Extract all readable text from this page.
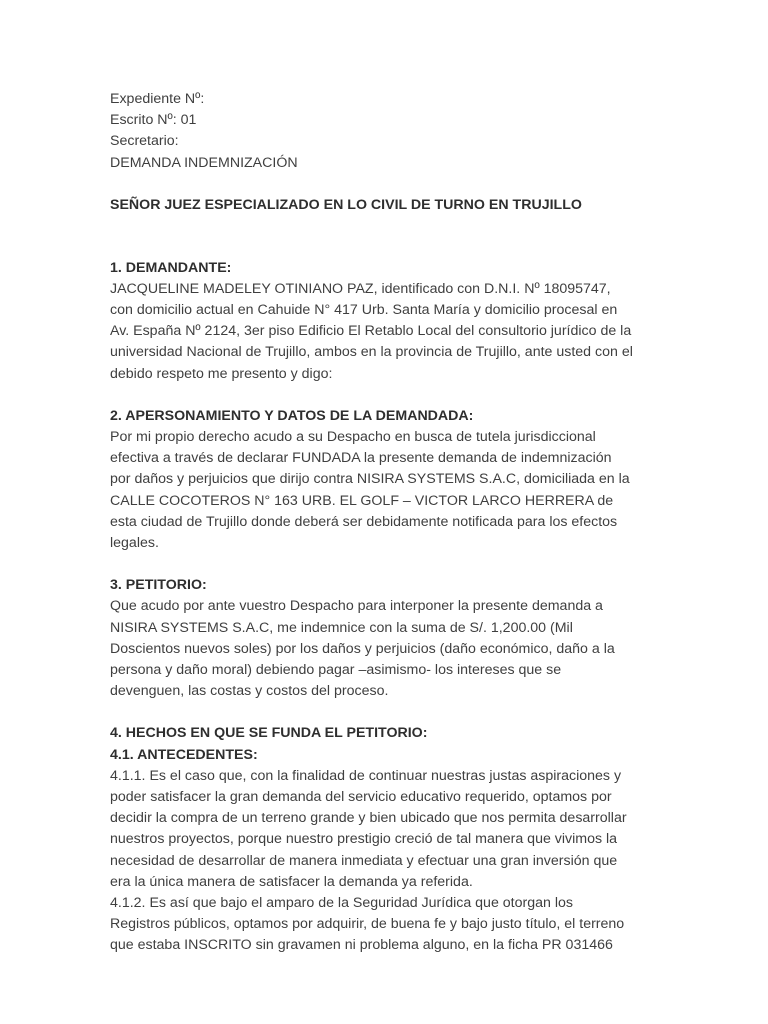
Expediente Nº:

Escrito Nº: 01

Secretario:

DEMANDA INDEMNIZACIÓN

SEÑOR JUEZ ESPECIALIZADO EN LO CIVIL DE TURNO EN TRUJILLO

1. DEMANDANTE:

JACQUELINE MADELEY OTINIANO PAZ, identificado con D.N.I. Nº 18095747,

con domicilio actual en Cahuide N° 417 Urb. Santa María y domicilio procesal en

Av. España Nº 2124, 3er piso Edificio El Retablo Local del consultorio jurídico de la

universidad Nacional de Trujillo, ambos en la provincia de Trujillo, ante usted con el

debido respeto me presento y digo:

2. APERSONAMIENTO Y DATOS DE LA DEMANDADA:

Por mi propio derecho acudo a su Despacho en busca de tutela jurisdiccional

efectiva a través de declarar FUNDADA la presente demanda de indemnización

por daños y perjuicios que dirijo contra NISIRA SYSTEMS S.A.C, domiciliada en la

CALLE COCOTEROS N° 163 URB. EL GOLF – VICTOR LARCO HERRERA de

esta ciudad de Trujillo donde deberá ser debidamente notificada para los efectos

legales.

3. PETITORIO:

Que acudo por ante vuestro Despacho para interponer la presente demanda a

NISIRA SYSTEMS S.A.C, me indemnice con la suma de S/. 1,200.00 (Mil

Doscientos nuevos soles) por los daños y perjuicios (daño económico, daño a la

persona y daño moral) debiendo pagar –asimismo- los intereses que se

devenguen, las costas y costos del proceso.

4. HECHOS EN QUE SE FUNDA EL PETITORIO:

4.1. ANTECEDENTES:

4.1.1. Es el caso que, con la finalidad de continuar nuestras justas aspiraciones y

poder satisfacer la gran demanda del servicio educativo requerido, optamos por

decidir la compra de un terreno grande y bien ubicado que nos permita desarrollar

nuestros proyectos, porque nuestro prestigio creció de tal manera que vivimos la

necesidad de desarrollar de manera inmediata y efectuar una gran inversión que

era la única manera de satisfacer la demanda ya referida.

4.1.2. Es así que bajo el amparo de la Seguridad Jurídica que otorgan los

Registros públicos, optamos por adquirir, de buena fe y bajo justo título, el terreno

que estaba INSCRITO sin gravamen ni problema alguno, en la ficha PR 031466
